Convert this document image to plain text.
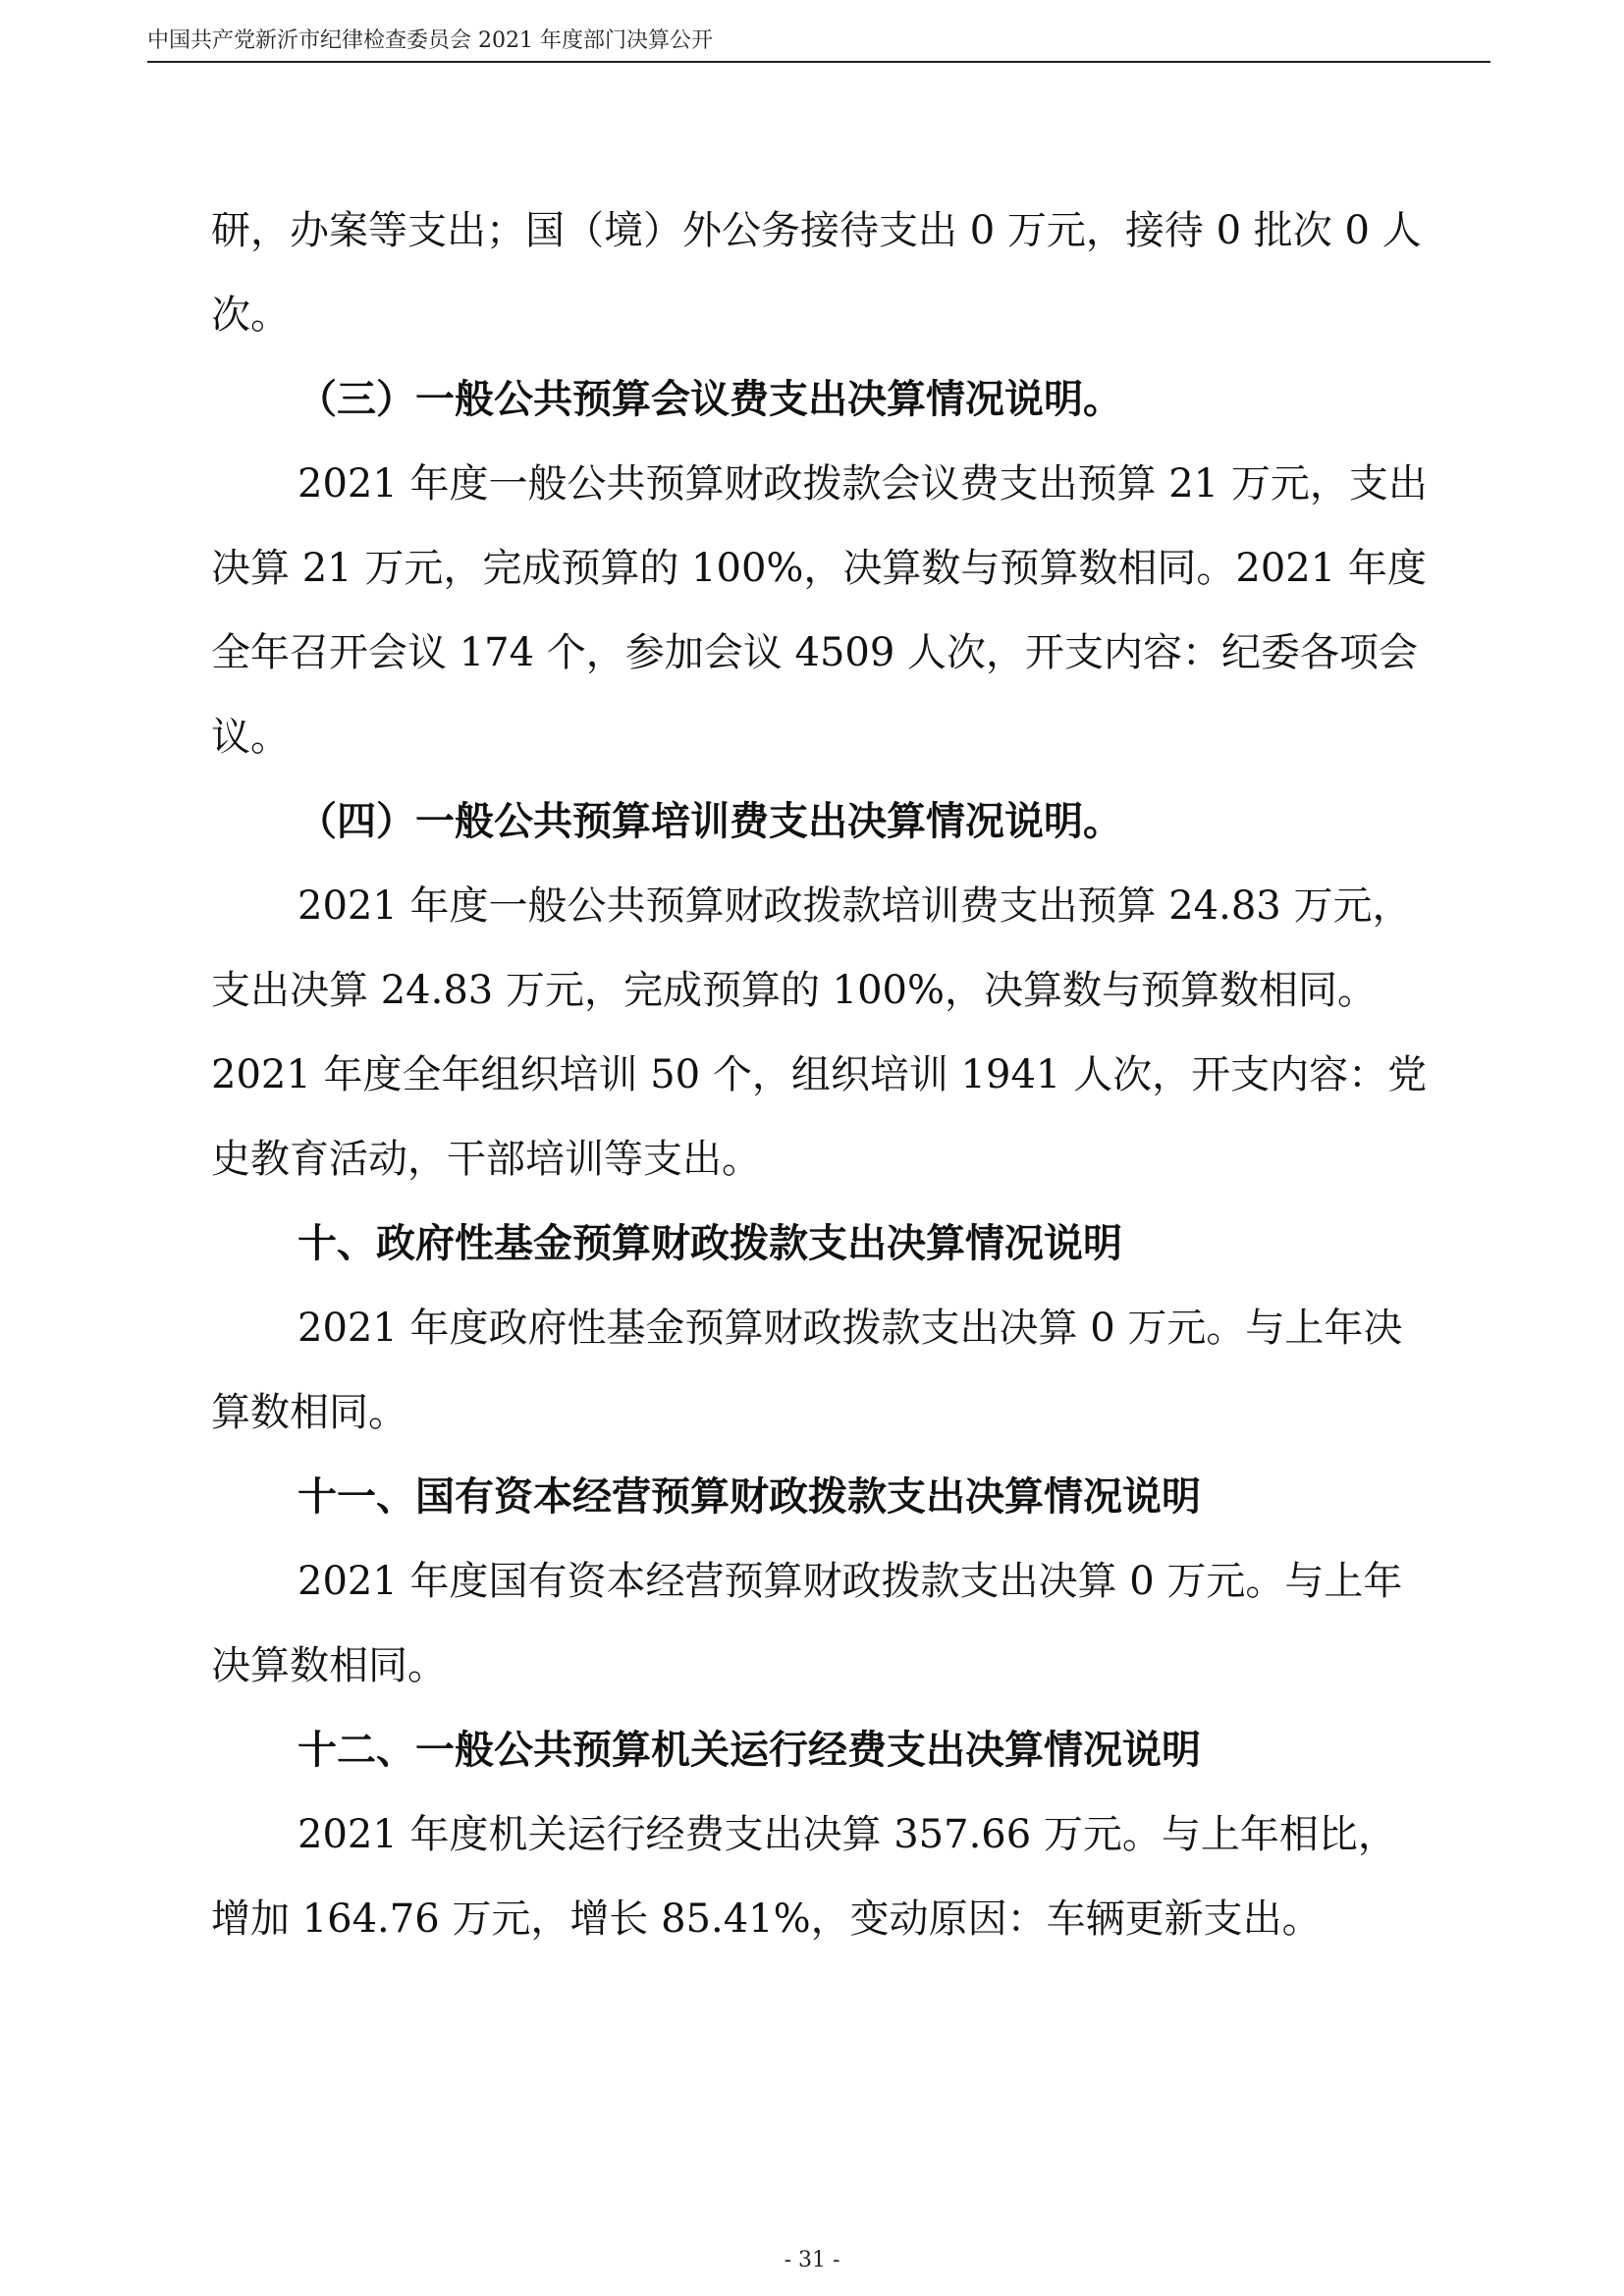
中国共产党新沂市纪律检查委员会 2021 年度部门决算公开

研，办案等支出；国（境）外公务接待支出 0 万元，接待 0 批次 0 人次。

（三）一般公共预算会议费支出决算情况说明。

2021 年度一般公共预算财政拨款会议费支出预算 21 万元，支出决算 21 万元，完成预算的 100%，决算数与预算数相同。2021 年度全年召开会议 174 个，参加会议 4509 人次，开支内容：纪委各项会议。

（四）一般公共预算培训费支出决算情况说明。

2021 年度一般公共预算财政拨款培训费支出预算 24.83 万元，支出决算 24.83 万元，完成预算的 100%，决算数与预算数相同。2021 年度全年组织培训 50 个，组织培训 1941 人次，开支内容：党史教育活动，干部培训等支出。

十、政府性基金预算财政拨款支出决算情况说明

2021 年度政府性基金预算财政拨款支出决算 0 万元。与上年决算数相同。

十一、国有资本经营预算财政拨款支出决算情况说明

2021 年度国有资本经营预算财政拨款支出决算 0 万元。与上年决算数相同。

十二、一般公共预算机关运行经费支出决算情况说明

2021 年度机关运行经费支出决算 357.66 万元。与上年相比，增加 164.76 万元，增长 85.41%，变动原因：车辆更新支出。

- 31 -
